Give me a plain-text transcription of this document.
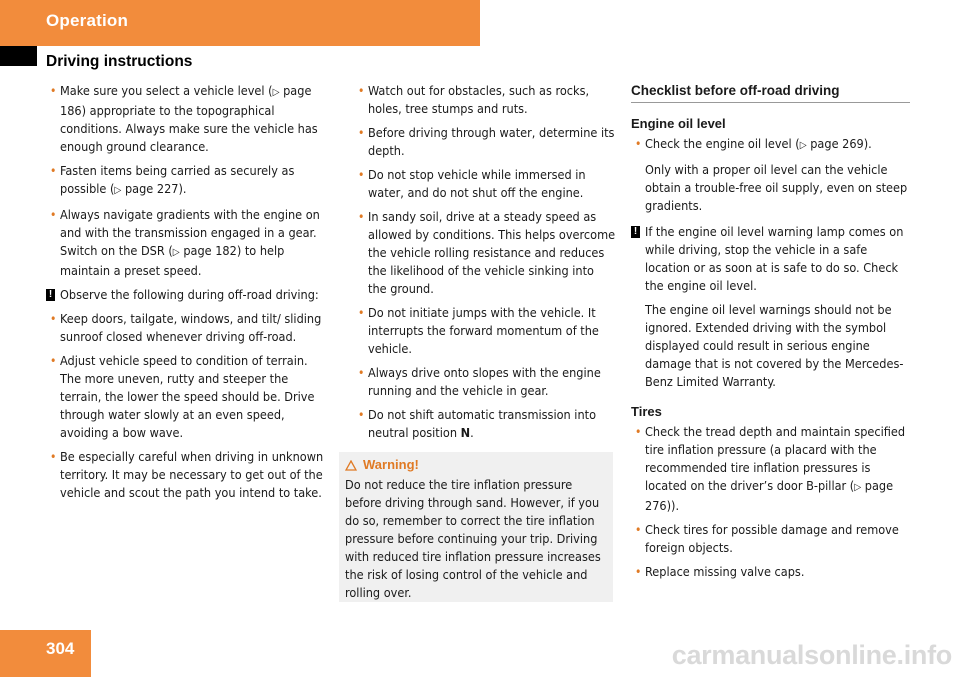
Operation
Driving instructions

• Make sure you select a vehicle level (▷ page 186) appropriate to the topographical conditions. Always make sure the vehicle has enough ground clearance.

• Fasten items being carried as securely as possible (▷ page 227).

• Always navigate gradients with the engine on and with the transmission engaged in a gear. Switch on the DSR (▷ page 182) to help maintain a preset speed.

! Observe the following during off-road driving:

• Keep doors, tailgate, windows, and tilt/ sliding sunroof closed whenever driving off-road.

• Adjust vehicle speed to condition of terrain. The more uneven, rutty and steeper the terrain, the lower the speed should be. Drive through water slowly at an even speed, avoiding a bow wave.

• Be especially careful when driving in unknown territory. It may be necessary to get out of the vehicle and scout the path you intend to take.

• Watch out for obstacles, such as rocks, holes, tree stumps and ruts.

• Before driving through water, determine its depth.

• Do not stop vehicle while immersed in water, and do not shut off the engine.

• In sandy soil, drive at a steady speed as allowed by conditions. This helps overcome the vehicle rolling resistance and reduces the likelihood of the vehicle sinking into the ground.

• Do not initiate jumps with the vehicle. It interrupts the forward momentum of the vehicle.

• Always drive onto slopes with the engine running and the vehicle in gear.

• Do not shift automatic transmission into neutral position N.

Warning!
Do not reduce the tire inflation pressure before driving through sand. However, if you do so, remember to correct the tire inflation pressure before continuing your trip. Driving with reduced tire inflation pressure increases the risk of losing control of the vehicle and rolling over.

Checklist before off-road driving

Engine oil level

• Check the engine oil level (▷ page 269).

Only with a proper oil level can the vehicle obtain a trouble-free oil supply, even on steep gradients.

! If the engine oil level warning lamp comes on while driving, stop the vehicle in a safe location or as soon at is safe to do so. Check the engine oil level.

The engine oil level warnings should not be ignored. Extended driving with the symbol displayed could result in serious engine damage that is not covered by the Mercedes-Benz Limited Warranty.

Tires

• Check the tread depth and maintain specified tire inflation pressure (a placard with the recommended tire inflation pressures is located on the driver’s door B-pillar (▷ page 276)).

• Check tires for possible damage and remove foreign objects.

• Replace missing valve caps.

304	carmanualsonline.info
